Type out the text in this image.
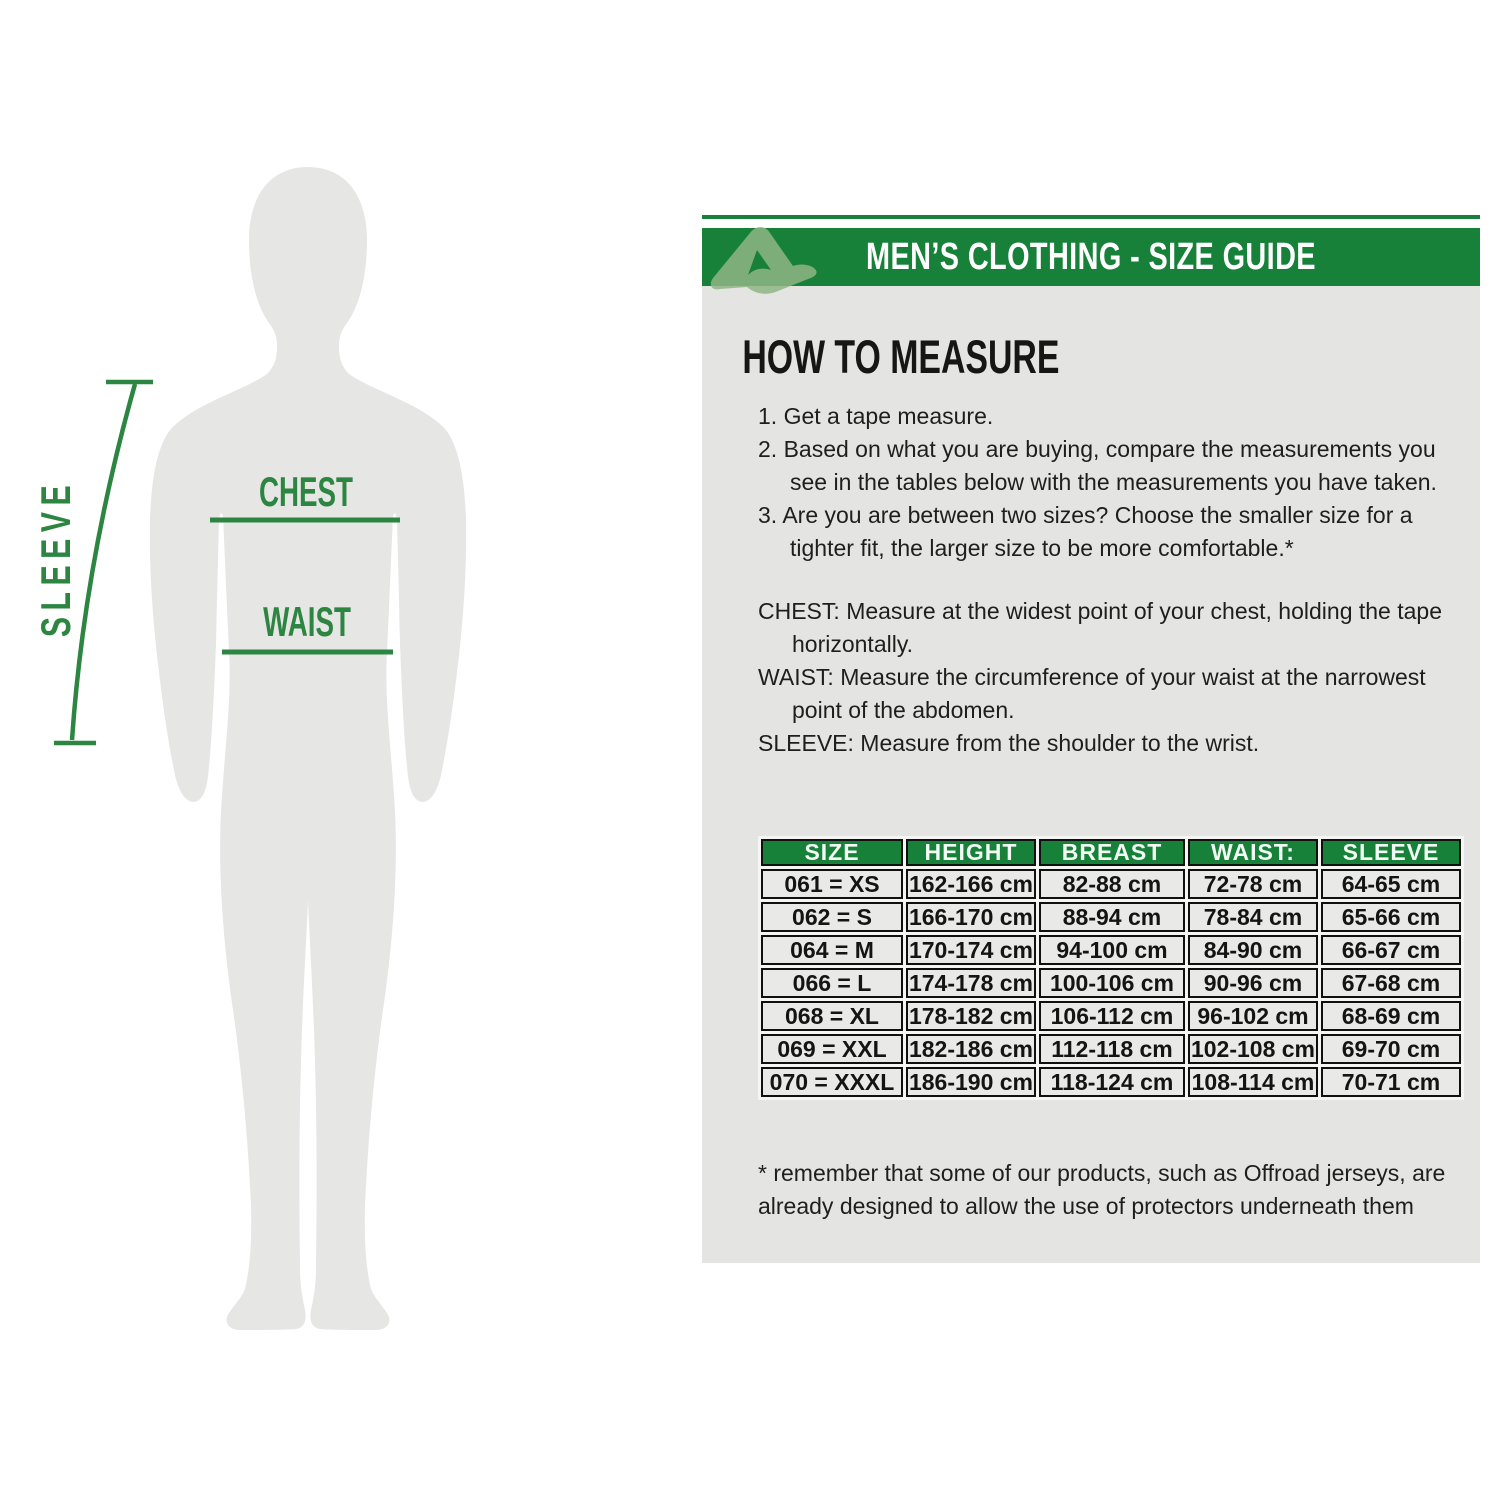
CHEST
WAIST
SLEEVE
MEN’S CLOTHING - SIZE GUIDE
HOW TO MEASURE

1. Get a tape measure.

2. Based on what you are buying, compare the measurements you see in the tables below with the measurements you have taken.

3. Are you are between two sizes? Choose the smaller size for a tighter fit, the larger size to be more comfortable.*

CHEST: Measure at the widest point of your chest, holding the tape horizontally.

WAIST: Measure the circumference of your waist at the narrowest point of the abdomen.

SLEEVE: Measure from the shoulder to the wrist.

SIZE	HEIGHT	BREAST	WAIST:	SLEEVE
061 = XS	162-166 cm	82-88 cm	72-78 cm	64-65 cm
062 = S	166-170 cm	88-94 cm	78-84 cm	65-66 cm
064 = M	170-174 cm	94-100 cm	84-90 cm	66-67 cm
066 = L	174-178 cm	100-106 cm	90-96 cm	67-68 cm
068 = XL	178-182 cm	106-112 cm	96-102 cm	68-69 cm
069 = XXL	182-186 cm	112-118 cm	102-108 cm	69-70 cm
070 = XXXL	186-190 cm	118-124 cm	108-114 cm	70-71 cm

* remember that some of our products, such as Offroad jerseys, are already designed to allow the use of protectors underneath them
